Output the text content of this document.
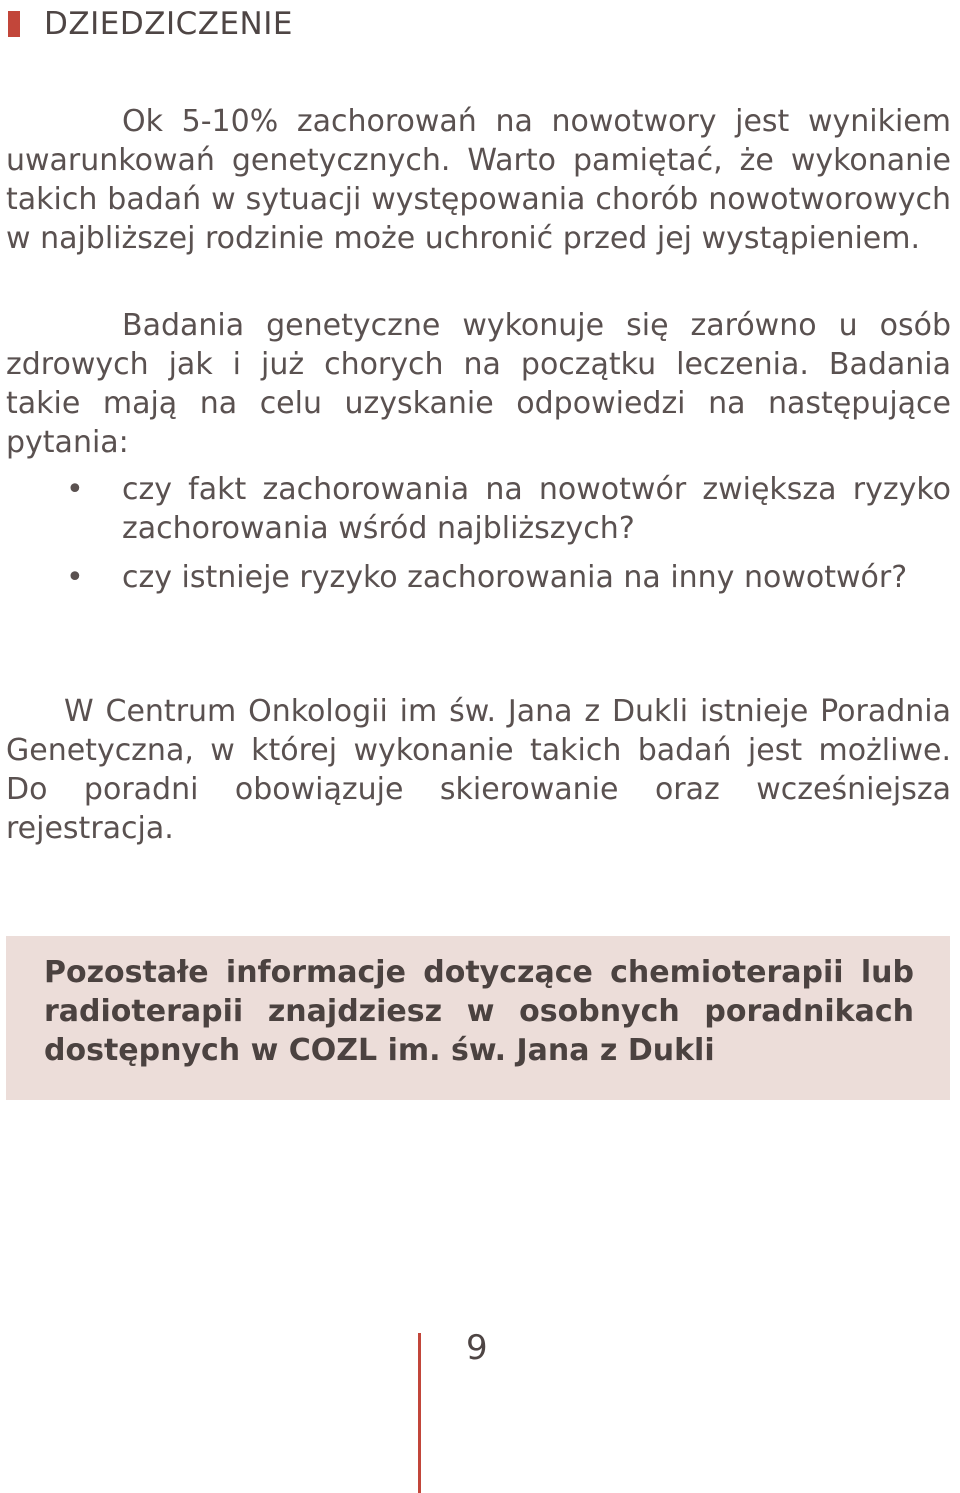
DZIEDZICZENIE

Ok 5-10% zachorowań na nowotwory jest wynikiem uwarunkowań genetycznych. Warto pamiętać, że wykonanie takich badań w sytuacji występowania chorób nowotworowych w najbliższej rodzinie może uchronić przed jej wystąpieniem.

Badania genetyczne wykonuje się zarówno u osób zdrowych jak i już chorych na początku leczenia. Badania takie mają na celu uzyskanie odpowiedzi na następujące pytania:

• czy fakt zachorowania na nowotwór zwiększa ryzyko zachorowania wśród najbliższych?
• czy istnieje ryzyko zachorowania na inny nowotwór?

W Centrum Onkologii im św. Jana z Dukli istnieje Poradnia Genetyczna, w której wykonanie takich badań jest możliwe. Do poradni obowiązuje skierowanie oraz wcześniejsza rejestracja.

Pozostałe informacje dotyczące chemioterapii lub radioterapii znajdziesz w osobnych poradnikach dostępnych w COZL im. św. Jana z Dukli

9
